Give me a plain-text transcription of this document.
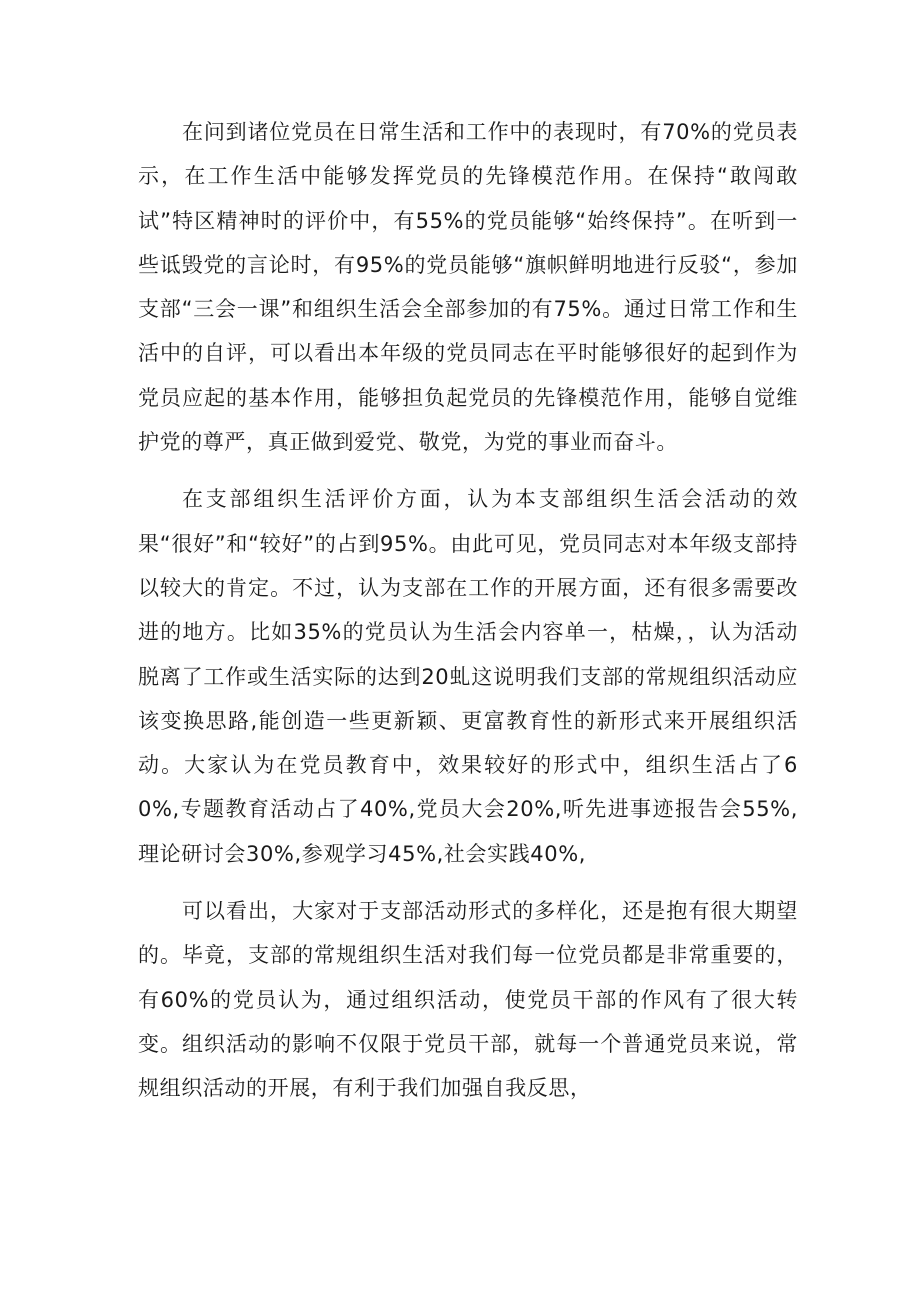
在问到诸位党员在日常生活和工作中的表现时，有70%的党员表示，在工作生活中能够发挥党员的先锋模范作用。在保持“敢闯敢试”特区精神时的评价中，有55%的党员能够“始终保持”。在听到一些诋毁党的言论时，有95%的党员能够“旗帜鲜明地进行反驳“，参加支部“三会一课”和组织生活会全部参加的有75%。通过日常工作和生活中的自评，可以看出本年级的党员同志在平时能够很好的起到作为党员应起的基本作用，能够担负起党员的先锋模范作用，能够自觉维护党的尊严，真正做到爱党、敬党，为党的事业而奋斗。

在支部组织生活评价方面，认为本支部组织生活会活动的效果“很好”和“较好”的占到95%。由此可见，党员同志对本年级支部持以较大的肯定。不过，认为支部在工作的开展方面，还有很多需要改进的地方。比如35%的党员认为生活会内容单一，枯燥，，认为活动脱离了工作或生活实际的达到20虬这说明我们支部的常规组织活动应该变换思路,能创造一些更新颖、更富教育性的新形式来开展组织活动。大家认为在党员教育中，效果较好的形式中，组织生活占了60%,专题教育活动占了40%,党员大会20%,听先进事迹报告会55%,理论研讨会30%,参观学习45%,社会实践40%,

可以看出，大家对于支部活动形式的多样化，还是抱有很大期望的。毕竟，支部的常规组织生活对我们每一位党员都是非常重要的，有60%的党员认为，通过组织活动，使党员干部的作风有了很大转变。组织活动的影响不仅限于党员干部，就每一个普通党员来说，常规组织活动的开展，有利于我们加强自我反思，
